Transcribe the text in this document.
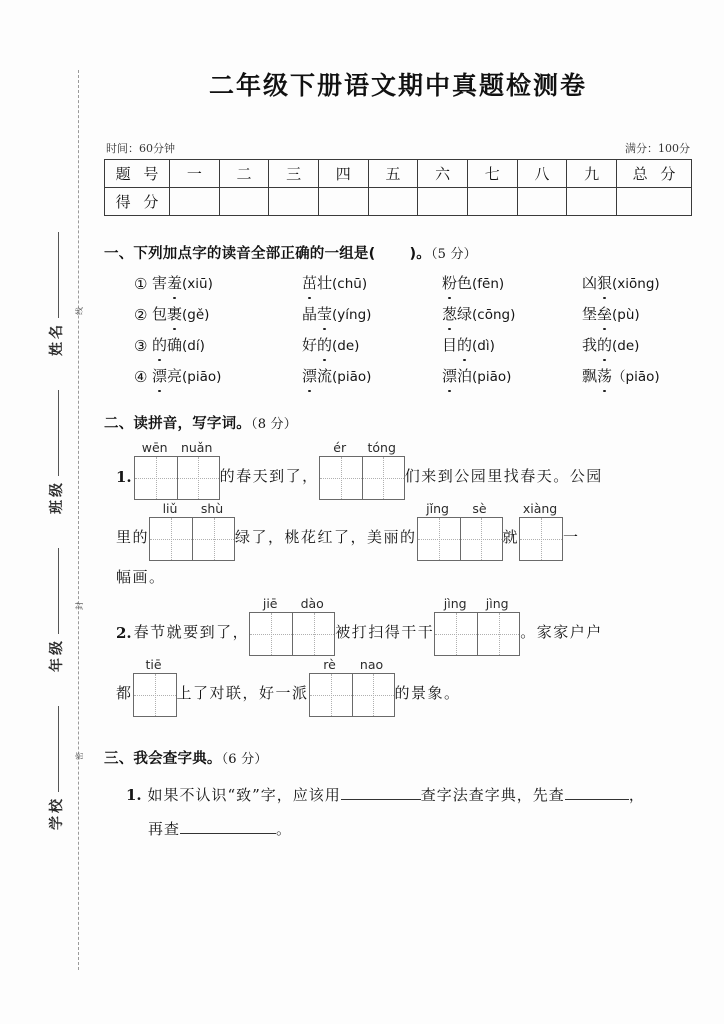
学校
年级
班级
姓名
密
封
线
二年级下册语文期中真题检测卷
时间：60分钟	满分：100分
题 号	一	二	三	四	五	六	七	八	九	总 分
得 分										
一、下列加点字的读音全部正确的一组是( )。（5 分）
① 害羞(xiū)	茁壮(chū)	粉色(fēn)	凶狠(xiōng)
② 包裹(gě)	晶莹(yíng)	葱绿(cōng)	堡垒(pù)
③ 的确(dí)	好的(de)	目的(dì)	我的(de)
④ 漂亮(piāo)	漂流(piāo)	漂泊(piāo)	飘荡（piāo)
二、读拼音，写字词。（8 分）
1.
wēn	nuǎn
的春天到了，
ér	tóng
们来到公园里找春天。公园
里的
liǔ	shù
绿了，桃花红了，美丽的
jǐng	sè
就
xiàng
一
幅画。
2. 春节就要到了，
jiē	dào
被打扫得干干
jìng	jìng
。家家户户
都
tiē
上了对联，好一派
rè	nao
的景象。
三、我会查字典。（6 分）
1. 如果不认识“致”字，应该用	查字法查字典，先查	，
再查	。
